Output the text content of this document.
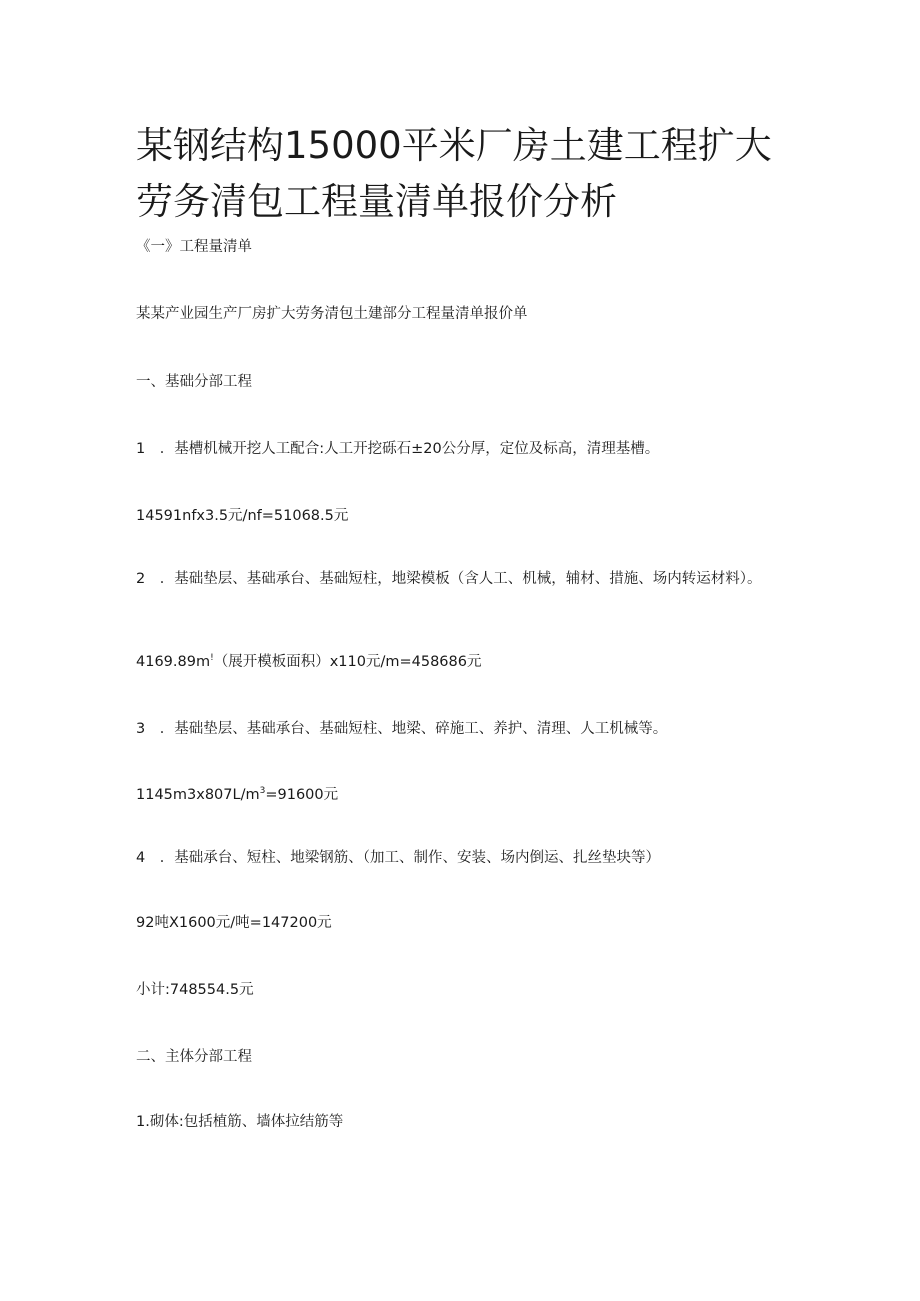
某钢结构15000平米厂房土建工程扩大劳务清包工程量清单报价分析

《一》工程量清单

某某产业园生产厂房扩大劳务清包土建部分工程量清单报价单

一、基础分部工程

1　．基槽机械开挖人工配合:人工开挖砾石±20公分厚，定位及标高，清理基槽。

14591nfx3.5元∕nf=51068.5元

2　．基础垫层、基础承台、基础短柱，地梁模板（含人工、机械，辅材、措施、场内转运材料）。

4169.89m!（展开模板面积）x110元∕m=458686元

3　．基础垫层、基础承台、基础短柱、地梁、碎施工、养护、清理、人工机械等。

$1145m3x807L∕m^3=91600$元

4　．基础承台、短柱、地梁钢筋、（加工、制作、安装、场内倒运、扎丝垫块等）

92吨X1600元/吨=147200元

小计:748554.5元

二、主体分部工程

1.砌体:包括植筋、墙体拉结筋等
